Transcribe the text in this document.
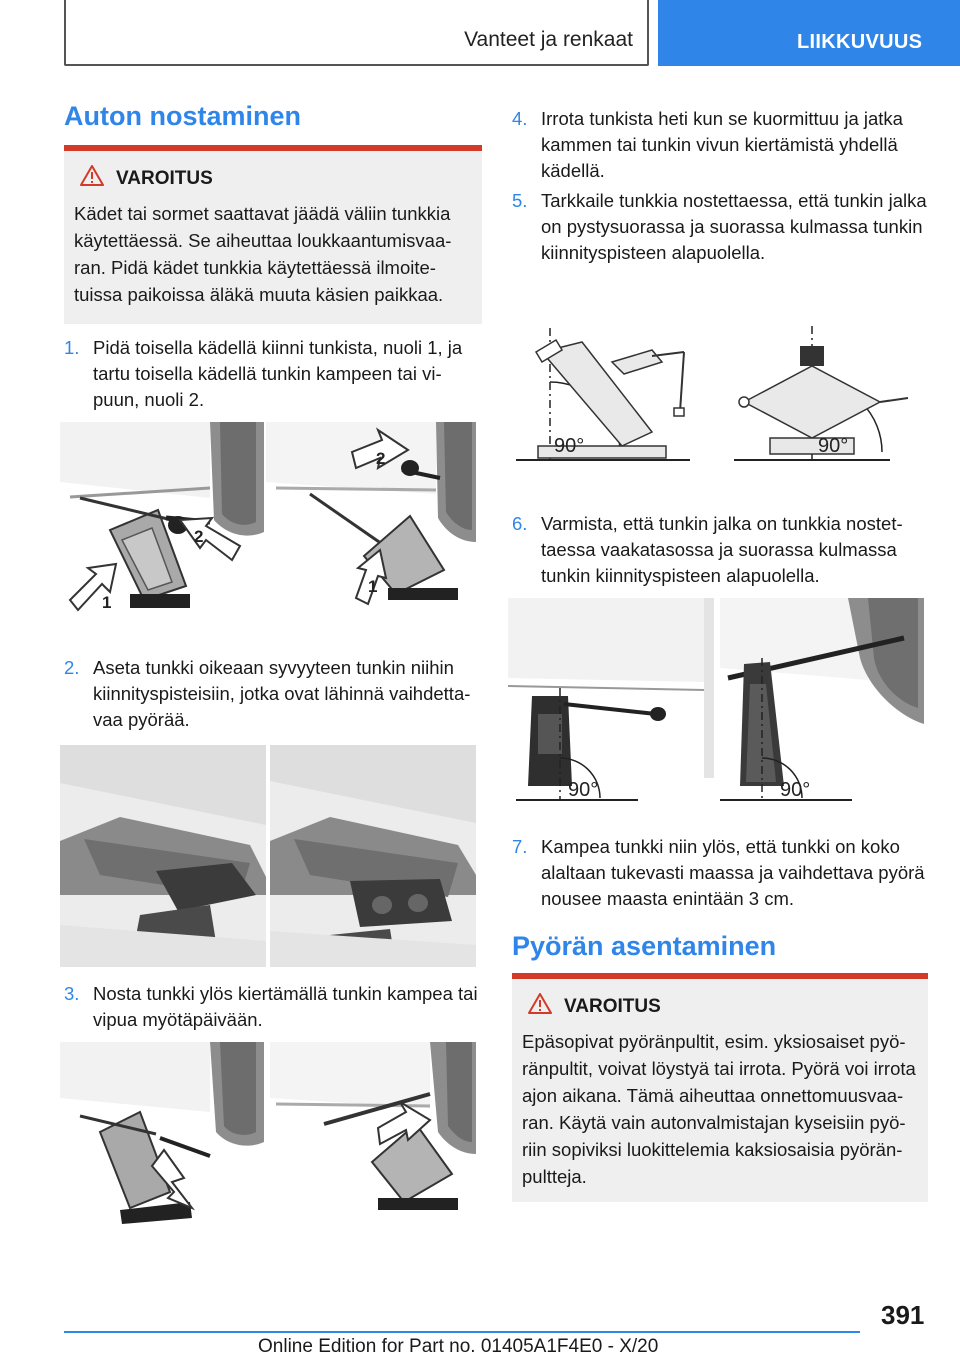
Vanteet ja renkaat	LIIKKUVUUS
Auton nostaminen
VAROITUS
Kädet tai sormet saattavat jäädä väliin tunkkia käytettäessä. Se aiheuttaa loukkaantumisvaa-ran. Pidä kädet tunkkia käytettäessä ilmoite-tuissa paikoissa äläkä muuta käsien paikkaa.
1. Pidä toisella kädellä kiinni tunkista, nuoli 1, ja tartu toisella kädellä tunkin kampeen tai vi-puun, nuoli 2.
1
2
2
1
2. Aseta tunkki oikeaan syvyyteen tunkin niihin kiinnityspisteisiin, jotka ovat lähinnä vaihdetta-vaa pyörää.
3. Nosta tunkki ylös kiertämällä tunkin kampea tai vipua myötäpäivään.
4. Irrota tunkista heti kun se kuormittuu ja jatka kammen tai tunkin vivun kiertämistä yhdellä kädellä.
5. Tarkkaile tunkkia nostettaessa, että tunkin jalka on pystysuorassa ja suorassa kulmassa tunkin kiinnityspisteen alapuolella.
90°	90°
6. Varmista, että tunkin jalka on tunkkia nostet-taessa vaakatasossa ja suorassa kulmassa tunkin kiinnityspisteen alapuolella.
90°	90°
7. Kampea tunkki niin ylös, että tunkki on koko alaltaan tukevasti maassa ja vaihdettava pyörä nousee maasta enintään 3 cm.
Pyörän asentaminen
VAROITUS
Epäsopivat pyöränpultit, esim. yksiosaiset pyö-ränpultit, voivat löystyä tai irrota. Pyörä voi irrota ajon aikana. Tämä aiheuttaa onnettomuusvaa-ran. Käytä vain autonvalmistajan kyseisiin pyö-riin sopiviksi luokittelemia kaksiosaisia pyörän-pultteja.
391
Online Edition for Part no. 01405A1F4E0 - X/20
